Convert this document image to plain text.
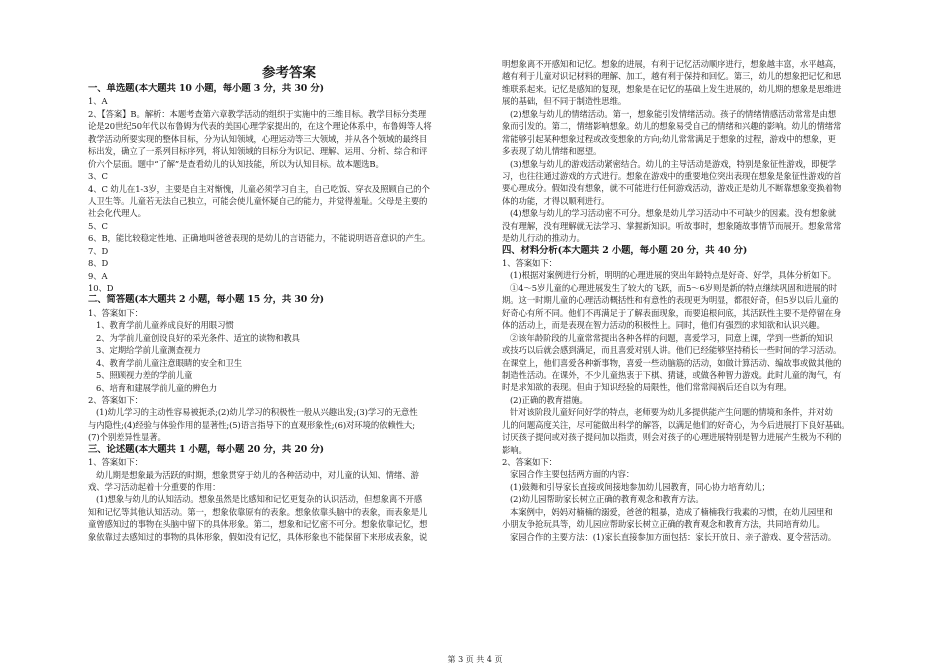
参考答案
一、单选题(本大题共 10 小题，每小题 3 分，共 30 分)
1、A
2、【答案】B。解析：本题考查第六章教学活动的组织于实施中的三维目标。教学目标分类理
论是20世纪50年代以布鲁姆为代表的美国心理学家提出的，在这个理论体系中，布鲁姆等人将
教学活动所要实现的整体目标，分为认知领域，心理运动等三大领域，并从各个领域的最终目
标出发，确立了一系列目标序列，将认知领域的目标分为识记、理解、运用、分析、综合和评
价六个层面。题中“了解”是查看幼儿的认知技能，所以为认知目标。故本题选B。
3、C
4、C 幼儿在1-3岁，主要是自主对惭愧，儿童必须学习自主，自己吃饭、穿衣及照顾自己的个
人卫生等。儿童若无法自己独立，可能会使儿童怀疑自己的能力，并觉得羞耻。父母是主要的
社会化代理人。
5、C
6、B，能比较稳定性地、正确地叫爸爸表现的是幼儿的言语能力，不能说明语音意识的产生。
7、D
8、D
9、A
10、D
二、简答题(本大题共 2 小题，每小题 15 分，共 30 分)
1、答案如下：
1、教育学前儿童养成良好的用眼习惯
2、为学前儿童创设良好的采光条件、适宜的读物和教具
3、定期给学前儿童测查视力
4、教育学前儿童注意眼睛的安全和卫生
5、照顾视力差的学前儿童
6、培育和建展学前儿童的辨色力
2、答案如下：
(1)幼儿学习的主动性容易被扼杀;(2)幼儿学习的积极性一般从兴趣出发;(3)学习的无意性
与内隐性;(4)经验与体验作用的显著性;(5)语言指导下的直观形象性;(6)对环境的依赖性大;
(7)个别差异性显著。
三、论述题(本大题共 1 小题，每小题 20 分，共 20 分)
1、答案如下：
幼儿期是想象最为活跃的时期，想象贯穿于幼儿的各种活动中，对儿童的认知、情绪、游
戏、学习活动起着十分重要的作用：
(1)想象与幼儿的认知活动。想象虽然是比感知和记忆更复杂的认识活动，但想象离不开感
知和记忆等其他认知活动。第一，想象依靠原有的表象。想象依靠头脑中的表象，而表象是儿
童曾感知过的事物在头脑中留下的具体形象。第二，想象和记忆密不可分。想象依靠记忆，想
象依靠过去感知过的事物的具体形象，假如没有记忆，具体形象也不能保留下来形成表象，说
明想象离不开感知和记忆。想象的进展，有利于记忆活动顺序进行，想象越丰富，水平越高，
越有利于儿童对识记材料的理解、加工，越有利于保持和回忆。第三，幼儿的想象把记忆和思
维联系起来。记忆是感知的复现，想象是在记忆的基础上发生进展的，幼儿期的想象是思维进
展的基础，但不同于制造性思维。
(2)想象与幼儿的情绪活动。第一，想象能引发情绪活动。孩子的情绪情感活动常常是由想
象而引发的。第二，情绪影响想象。幼儿的想象易受自己的情绪和兴趣的影响。幼儿的情绪常
常能够引起某种想象过程或改变想象的方向;幼儿常常满足于想象的过程，游戏中的想象，更
多表现了幼儿情绪和愿望。
(3)想象与幼儿的游戏活动紧密结合。幼儿的主导活动是游戏，特别是象征性游戏，即便学
习，也往往通过游戏的方式进行。想象在游戏中的重要地位突出表现在想象是象征性游戏的首
要心理成分。假如没有想象，就不可能进行任何游戏活动，游戏正是幼儿不断靠想象变换着物
体的功能，才得以顺利进行。
(4)想象与幼儿的学习活动密不可分。想象是幼儿学习活动中不可缺少的因素。没有想象就
没有理解，没有理解就无法学习、掌握新知识。听故事时，想象随故事情节而展开。想象常常
是幼儿行动的推动力。
四、材料分析(本大题共 2 小题，每小题 20 分，共 40 分)
1、答案如下：
(1)根据对案例进行分析，明明的心理进展的突出年龄特点是好奇、好学，具体分析如下。
①4～5岁儿童的心理进展发生了较大的飞跃，而5～6岁则是新的特点继续巩固和进展的时
期。这一时期儿童的心理活动概括性和有意性的表现更为明显，都很好奇，但5岁以后儿童的
好奇心有所不同。他们不再满足于了解表面现象，而要追根问底，其活跃性主要不是停留在身
体的活动上，而是表现在智力活动的积极性上。同时，他们有强烈的求知欲和认识兴趣。
②该年龄阶段的儿童常常提出各种各样的问题，喜爱学习，同意上课，学到一些新的知识
或技巧以后就会感到满足，而且喜爱对别人讲。他们已经能够坚持稍长一些时间的学习活动。
在课堂上，他们喜爱各种新事物，喜爱一些动脑筋的活动，如做计算活动、编故事或做其他的
制造性活动。在课外，不少儿童热衷于下棋、猜谜，或做各种智力游戏。此时儿童的淘气，有
时是求知欲的表现。但由于知识经验的局限性，他们常常闯祸后还自以为有理。
(2)正确的教育措施。
针对该阶段儿童好问好学的特点，老师要为幼儿多提供能产生问题的情境和条件，并对幼
儿的问题高度关注，尽可能做出科学的解答，以满足他们的好奇心，为今后进展打下良好基础。
讨厌孩子提问或对孩子提问加以指责，则会对孩子的心理进展特别是智力进展产生极为不利的
影响。
2、答案如下：
家园合作主要包括两方面的内容：
(1)鼓舞和引导家长直接或间接地参加幼儿园教育，同心协力培育幼儿；
(2)幼儿园帮助家长树立正确的教育观念和教育方法。
本案例中，妈妈对楠楠的溺爱，爸爸的粗暴，造成了楠楠我行我素的习惯，在幼儿园里和
小朋友争抢玩具等，幼儿园应帮助家长树立正确的教育观念和教育方法，共同培育幼儿。
家园合作的主要方法：(1)家长直接参加方面包括：家长开放日、亲子游戏、夏令营活动。
第 3 页 共 4 页
